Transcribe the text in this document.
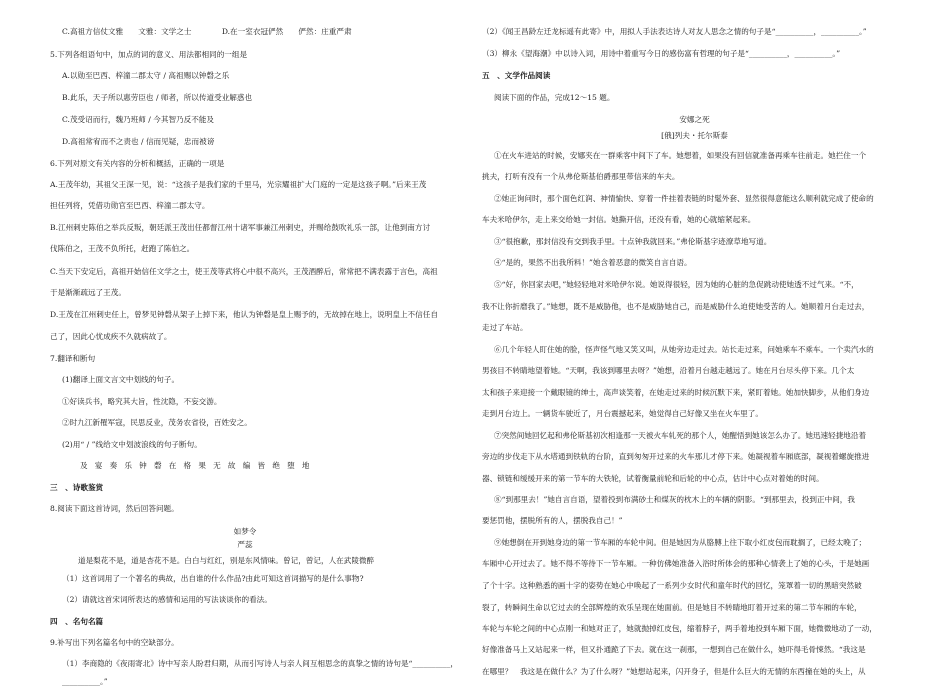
C.高祖方信仗文雅　　文雅：文学之士　　　　D.在一室衣冠俨然　　俨然：庄重严肃
5.下列各组语句中，加点的词的意义、用法都相同的一组是
A.以勋至巴西、梓潼二郡太守 / 高祖赐以钟磬之乐
B.此乐，天子所以惠劳臣也 / 师者，所以传道受业解惑也
C.茂受诏而行，魏乃班师 / 今其智乃反不能及
D.高祖常宥而不之责也 / 信而见疑，忠而被谤
6.下列对原文有关内容的分析和概括，正确的一项是
A.王茂年幼，其祖父王深一见，说：“这孩子是我们家的千里马，光宗耀祖扩大门庭的一定是这孩子啊。”后来王茂
担任列将，凭借功勋官至巴西、梓潼二郡太守。
B.江州刺史陈伯之举兵反叛，朝廷派王茂出任都督江州十诸军事兼江州刺史，并赐给鼓吹礼乐一部，让他到南方讨
伐陈伯之，王茂不负所托，赶跑了陈伯之。
C.当天下安定后，高祖开始信任文学之士，使王茂等武将心中很不高兴，王茂酒醉后，常常把不满表露于言色，高祖
于是渐渐疏远了王茂。
D.王茂在江州刺史任上，曾梦见钟磬从架子上掉下来，他认为钟磬是皇上赐予的，无故掉在地上，说明皇上不信任自
己了，因此心忧成疾不久就病故了。
7.翻译和断句
(1)翻译上面文言文中划线的句子。
①好读兵书，略究其大旨，性沈隐，不妄交游。
②时九江新罹军寇，民思反业，茂务农省役，百姓安之。
(2)用“ / ”线给文中划波浪线的句子断句。
及宴奏乐钟磬在格果无故编皆绝堕地
三　、诗歌鉴赏
8.阅读下面这首诗词，然后回答问题。
如梦令
严蕊
道是梨花不是，道是杏花不是。白白与红红，别是东风情味。曾记，曾记，人在武陵微醉
（1）这首词用了一个著名的典故，出自谁的什么作品?由此可知这首词描写的是什么事物?
（2）请就这首宋词所表达的感情和运用的写法谈谈你的看法。
四　、名句名篇
9.补写出下列名篇名句中的空缺部分。
（1）李商隐的《夜雨寄北》诗中写亲人盼君归期，从而引写诗人与亲人间互相思念的真挚之情的诗句是“__________，
__________。”
（2）《闻王昌龄左迁龙标遥有此寄》中，用拟人手法表达诗人对友人思念之情的句子是“__________，__________。”
（3）柳永《望海潮》中以诗入词，用诗中着重写今日的感伤富有哲理的句子是“__________，__________。”
五　、文学作品阅读
阅读下面的作品，完成12～15 题。
安娜之死
[俄]列夫・托尔斯泰
①在火车进站的时候，安娜夹在一群乘客中间下了车。她想着，如果没有回信就准备再乘车往前走。她拦住一个
挑夫，打听有没有一个从弗伦斯基伯爵那里带信来的车夫。
②她正询问时，那个面色红润、神情愉快、穿着一件挂着表链的时髦外套、显然很得意能这么顺利就完成了使命的
车夫米哈伊尔，走上来交给她一封信。她撕开信，还没有看，她的心就缩紧起来。
③“很抱歉，那封信没有交到我手里。十点钟我就回来。”弗伦斯基字迹潦草地写道。
④“是的，果然不出我所料！”她含着恶意的微笑自言自语。
⑤“好，你回家去吧，”她轻轻地对米哈伊尔说。她说得很轻，因为她的心脏的急促跳动使她透不过气来。“不，
我不让你折磨我了。”她想，既不是威胁他，也不是威胁她自己，而是威胁什么迫使她受苦的人。她顺着月台走过去，
走过了车站。
⑥几个年轻人盯住她的脸，怪声怪气地又笑又叫，从她旁边走过去。站长走过来，问她乘车不乘车。一个卖汽水的
男孩目不转睛地望着她。“天啊，我该到哪里去呀？”她想，沿着月台越走越远了。她在月台尽头停下来。几个太
太和孩子来迎接一个戴眼镜的绅士，高声谈笑着，在她走过来的时候沉默下来，紧盯着她。她加快脚步，从他们身边
走到月台边上。一辆货车驶近了，月台震撼起来，她觉得自己好像又坐在火车里了。
⑦突然间她回忆起和弗伦斯基初次相逢那一天被火车轧死的那个人，她醒悟到她该怎么办了。她迅速轻捷地沿着
旁边的步伐走下从水塔通到铁轨的台阶，直到匆匆开过来的火车那儿才停下来。她凝视着车厢底部，凝视着螺旋推进
器、锁链和缓缓开来的第一节车的大铁轮，试着衡量前轮和后轮的中心点，估计中心点对着她的时间。
⑧“到那里去！”她自言自语，望着投到布满砂土和煤灰的枕木上的车辆的阴影。“到那里去，投到正中间，我
要惩罚他，摆脱所有的人，摆脱我自己！”
⑨她想倒在开到她身边的第一节车厢的车轮中间。但是她因为从胳膊上往下取小红皮包而耽搁了，已经太晚了；
车厢中心开过去了。她不得不等待下一节车厢。一种仿佛她准备入浴时所体会的那种心情袭上了她的心头，于是她画
了个十字。这种熟悉的画十字的姿势在她心中唤起了一系列少女时代和童年时代的回忆，笼罩着一切的黑暗突然破
裂了，转瞬间生命以它过去的全部辉煌的欢乐呈现在她面前。但是她目不转睛地盯着开过来的第二节车厢的车轮，
车轮与车轮之间的中心点刚一和她对正了，她就抛掉红皮包，缩着脖子，两手着地投到车厢下面，她微微地动了一动，
好像准备马上又站起来一样，但又扑通跪了下去。就在这一刹那，一想到自己在做什么，她吓得毛骨悚然。“我这是
在哪里？　我这是在做什么？为了什么呀？”她想站起来，闪开身子，但是什么巨大的无情的东西撞在她的头上，从
